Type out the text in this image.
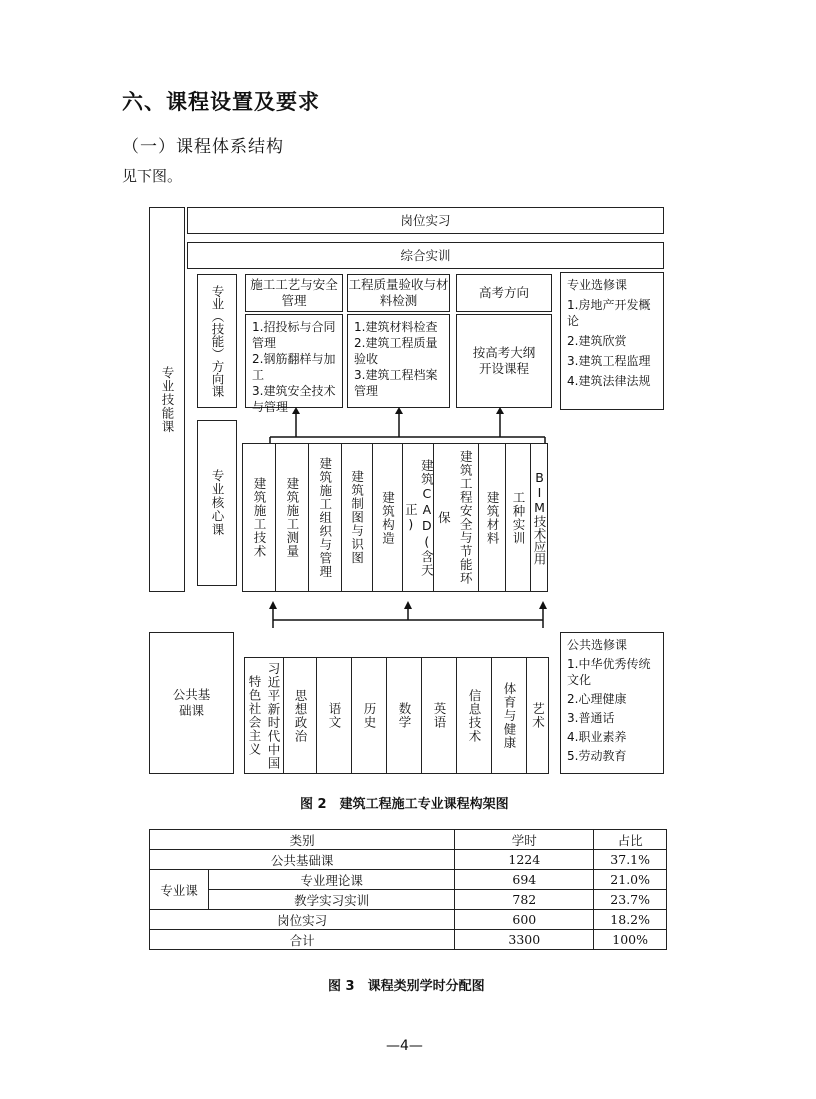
六、课程设置及要求
（一）课程体系结构
见下图。
专业技能课
岗位实习
综合实训
专业（技能）方向课
施工工艺与安全管理
1.招投标与合同管理
2.钢筋翻样与加工
3.建筑安全技术与管理
工程质量验收与材料检测
1.建筑材料检查
2.建筑工程质量验收
3.建筑工程档案管理
高考方向
按高考大纲开设课程
专业选修课
1.房地产开发概论
2.建筑欣赏
3.建筑工程监理
4.建筑法律法规
专业核心课 建筑施工技术 建筑施工测量 建筑施工组织与管理 建筑制图与识图 建筑构造	建筑CAD(含天正)	保 建筑工程安全与节能环 建筑材料 工种实训 BIM技术应用
公共基础课	特色社会主义 习近平新时代中国 思想政治 语文 历史 数学 英语 信息技术 体育与健康 艺术
公共选修课
1.中华优秀传统文化
2.心理健康
3.普通话
4.职业素养
5.劳动教育
图 2　建筑工程施工专业课程构架图
类别		学时	占比
公共基础课		1224	37.1%
专业课	专业理论课	694	21.0%
	教学实习实训	782	23.7%
岗位实习		600	18.2%
合计		3300	100%
图 3　课程类别学时分配图
—4—
